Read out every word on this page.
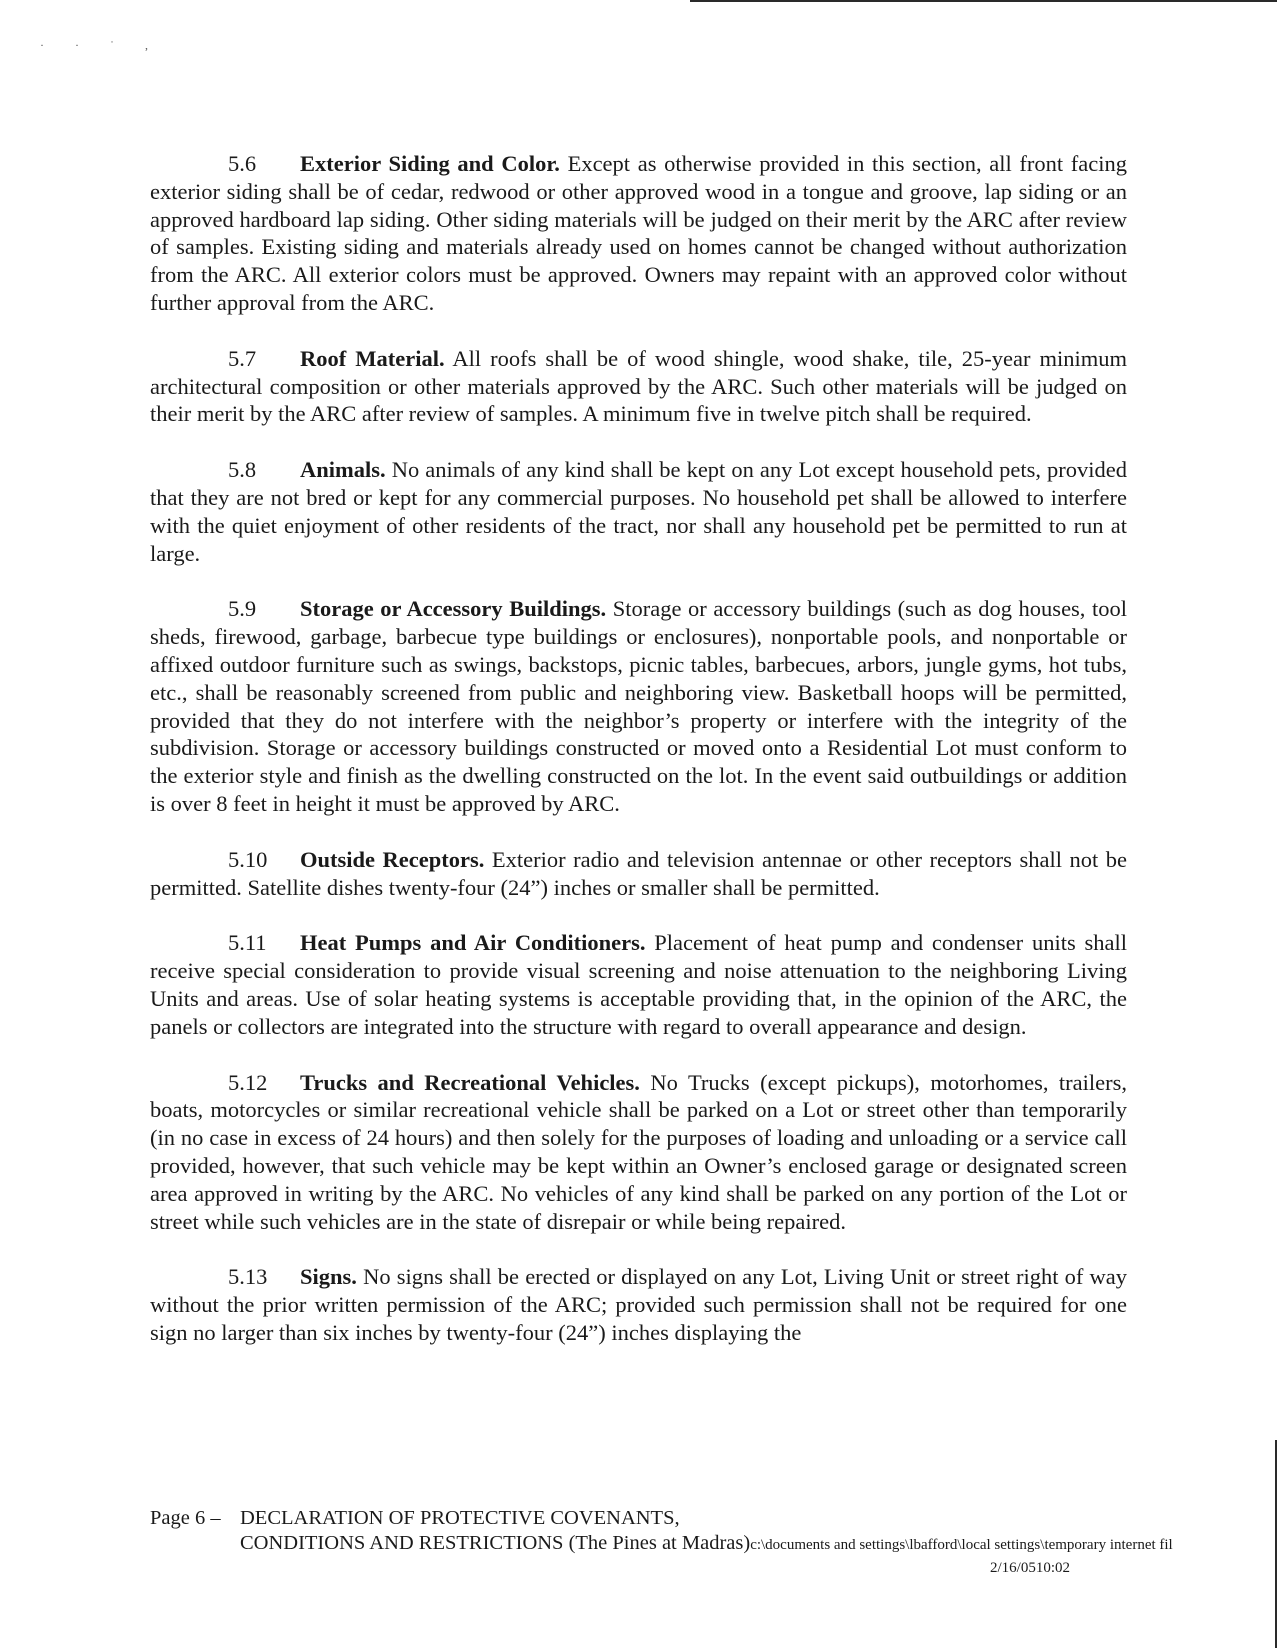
· · ˙ ,

5.6 Exterior Siding and Color. Except as otherwise provided in this section, all front facing exterior siding shall be of cedar, redwood or other approved wood in a tongue and groove, lap siding or an approved hardboard lap siding. Other siding materials will be judged on their merit by the ARC after review of samples. Existing siding and materials already used on homes cannot be changed without authorization from the ARC. All exterior colors must be approved. Owners may repaint with an approved color without further approval from the ARC.

5.7 Roof Material. All roofs shall be of wood shingle, wood shake, tile, 25-year minimum architectural composition or other materials approved by the ARC. Such other materials will be judged on their merit by the ARC after review of samples. A minimum five in twelve pitch shall be required.

5.8 Animals. No animals of any kind shall be kept on any Lot except household pets, provided that they are not bred or kept for any commercial purposes. No household pet shall be allowed to interfere with the quiet enjoyment of other residents of the tract, nor shall any household pet be permitted to run at large.

5.9 Storage or Accessory Buildings. Storage or accessory buildings (such as dog houses, tool sheds, firewood, garbage, barbecue type buildings or enclosures), nonportable pools, and nonportable or affixed outdoor furniture such as swings, backstops, picnic tables, barbecues, arbors, jungle gyms, hot tubs, etc., shall be reasonably screened from public and neighboring view. Basketball hoops will be permitted, provided that they do not interfere with the neighbor’s property or interfere with the integrity of the subdivision. Storage or accessory buildings constructed or moved onto a Residential Lot must conform to the exterior style and finish as the dwelling constructed on the lot. In the event said outbuildings or addition is over 8 feet in height it must be approved by ARC.

5.10 Outside Receptors. Exterior radio and television antennae or other receptors shall not be permitted. Satellite dishes twenty-four (24”) inches or smaller shall be permitted.

5.11 Heat Pumps and Air Conditioners. Placement of heat pump and condenser units shall receive special consideration to provide visual screening and noise attenuation to the neighboring Living Units and areas. Use of solar heating systems is acceptable providing that, in the opinion of the ARC, the panels or collectors are integrated into the structure with regard to overall appearance and design.

5.12 Trucks and Recreational Vehicles. No Trucks (except pickups), motorhomes, trailers, boats, motorcycles or similar recreational vehicle shall be parked on a Lot or street other than temporarily (in no case in excess of 24 hours) and then solely for the purposes of loading and unloading or a service call provided, however, that such vehicle may be kept within an Owner’s enclosed garage or designated screen area approved in writing by the ARC. No vehicles of any kind shall be parked on any portion of the Lot or street while such vehicles are in the state of disrepair or while being repaired.

5.13 Signs. No signs shall be erected or displayed on any Lot, Living Unit or street right of way without the prior written permission of the ARC; provided such permission shall not be required for one sign no larger than six inches by twenty-four (24”) inches displaying the

Page 6 – DECLARATION OF PROTECTIVE COVENANTS,
CONDITIONS AND RESTRICTIONS (The Pines at Madras)c:\documents and settings\lbafford\local settings\temporary internet fil
2/16/0510:02
